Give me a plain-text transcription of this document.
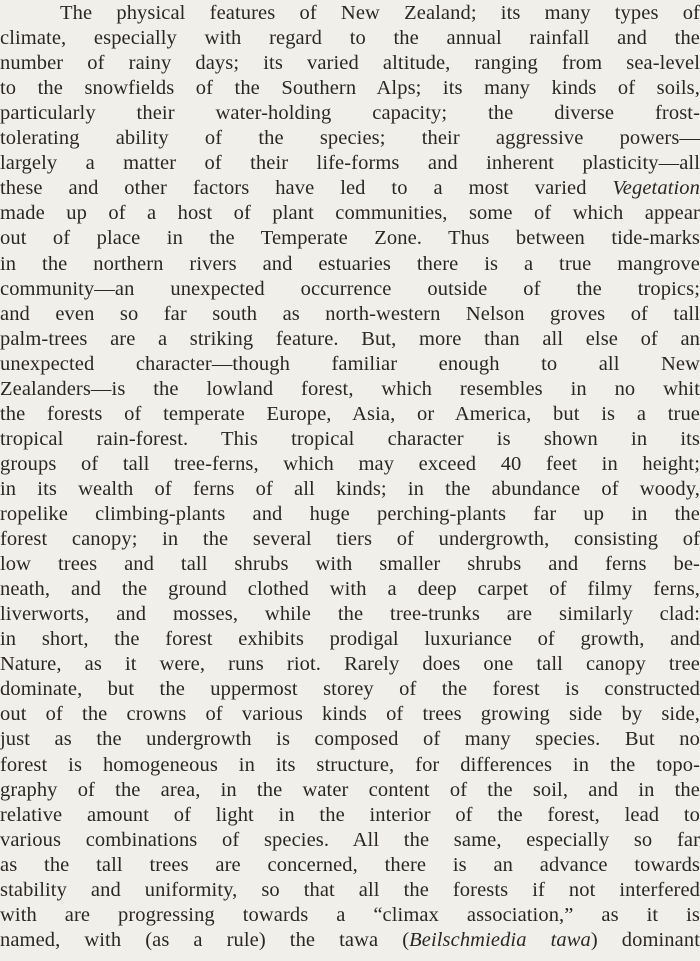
The physical features of New Zealand; its many types of
climate, especially with regard to the annual rainfall and the
number of rainy days; its varied altitude, ranging from sea-level
to the snowfields of the Southern Alps; its many kinds of soils,
particularly their water-holding capacity; the diverse frost-
tolerating ability of the species; their aggressive powers—
largely a matter of their life-forms and inherent plasticity—all
these and other factors have led to a most varied Vegetation
made up of a host of plant communities, some of which appear
out of place in the Temperate Zone. Thus between tide-marks
in the northern rivers and estuaries there is a true mangrove
community—an unexpected occurrence outside of the tropics;
and even so far south as north-western Nelson groves of tall
palm-trees are a striking feature. But, more than all else of an
unexpected character—though familiar enough to all New
Zealanders—is the lowland forest, which resembles in no whit
the forests of temperate Europe, Asia, or America, but is a true
tropical rain-forest. This tropical character is shown in its
groups of tall tree-ferns, which may exceed 40 feet in height;
in its wealth of ferns of all kinds; in the abundance of woody,
ropelike climbing-plants and huge perching-plants far up in the
forest canopy; in the several tiers of undergrowth, consisting of
low trees and tall shrubs with smaller shrubs and ferns be-
neath, and the ground clothed with a deep carpet of filmy ferns,
liverworts, and mosses, while the tree-trunks are similarly clad:
in short, the forest exhibits prodigal luxuriance of growth, and
Nature, as it were, runs riot. Rarely does one tall canopy tree
dominate, but the uppermost storey of the forest is constructed
out of the crowns of various kinds of trees growing side by side,
just as the undergrowth is composed of many species. But no
forest is homogeneous in its structure, for differences in the topo-
graphy of the area, in the water content of the soil, and in the
relative amount of light in the interior of the forest, lead to
various combinations of species. All the same, especially so far
as the tall trees are concerned, there is an advance towards
stability and uniformity, so that all the forests if not interfered
with are progressing towards a “climax association,” as it is
named, with (as a rule) the tawa (Beilschmiedia tawa) dominant
